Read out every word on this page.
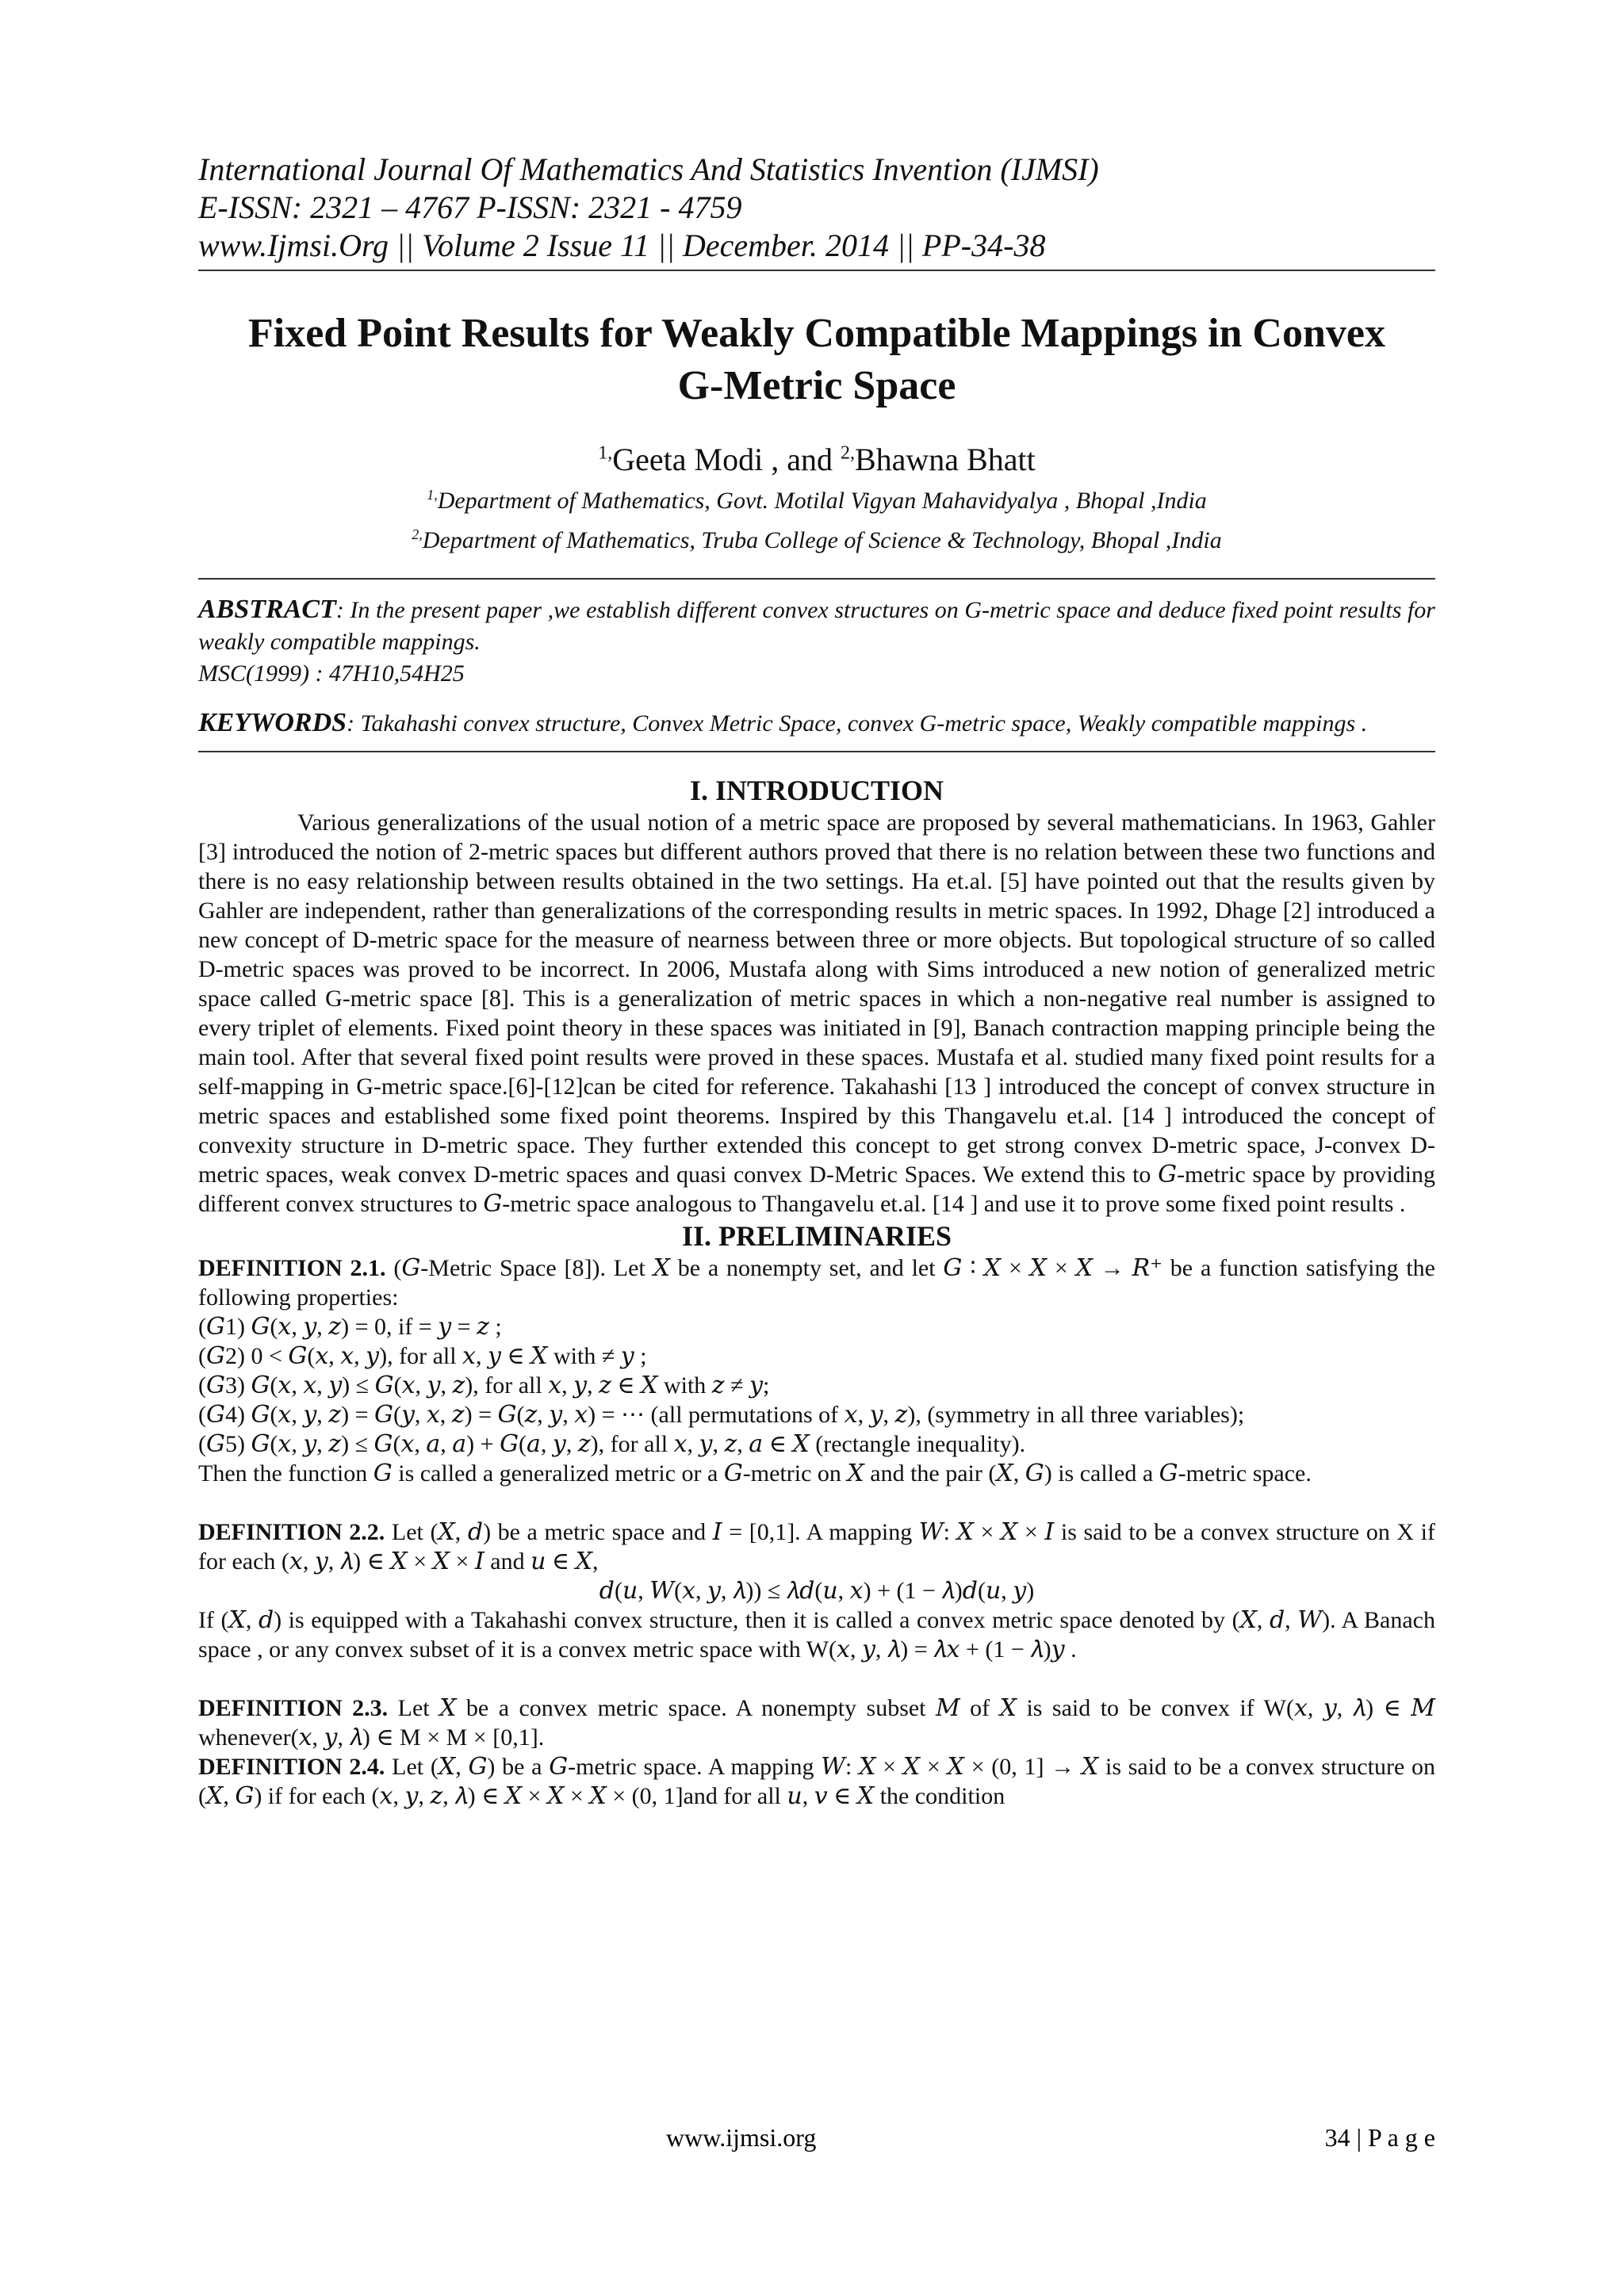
International Journal Of Mathematics And Statistics Invention (IJMSI)
E-ISSN: 2321 – 4767 P-ISSN: 2321 - 4759
www.Ijmsi.Org || Volume 2 Issue 11 || December. 2014 || PP-34-38
Fixed Point Results for Weakly Compatible Mappings in Convex
G-Metric Space
$^{1,}$Geeta Modi , and $^{2,}$Bhawna Bhatt
$^{1,}$Department of Mathematics, Govt. Motilal Vigyan Mahavidyalya , Bhopal ,India
$^{2,}$Department of Mathematics, Truba College of Science & Technology, Bhopal ,India
ABSTRACT: In the present paper ,we establish different convex structures on G-metric space and deduce fixed point results for weakly compatible mappings.
MSC(1999) : 47H10,54H25
KEYWORDS: Takahashi convex structure, Convex Metric Space, convex G-metric space, Weakly compatible mappings .
I. INTRODUCTION
Various generalizations of the usual notion of a metric space are proposed by several mathematicians. In 1963, Gahler [3] introduced the notion of 2-metric spaces but different authors proved that there is no relation between these two functions and there is no easy relationship between results obtained in the two settings. Ha et.al. [5] have pointed out that the results given by Gahler are independent, rather than generalizations of the corresponding results in metric spaces. In 1992, Dhage [2] introduced a new concept of D-metric space for the measure of nearness between three or more objects. But topological structure of so called D-metric spaces was proved to be incorrect. In 2006, Mustafa along with Sims introduced a new notion of generalized metric space called G-metric space [8]. This is a generalization of metric spaces in which a non-negative real number is assigned to every triplet of elements. Fixed point theory in these spaces was initiated in [9], Banach contraction mapping principle being the main tool. After that several fixed point results were proved in these spaces. Mustafa et al. studied many fixed point results for a self-mapping in G-metric space.[6]-[12]can be cited for reference. Takahashi [13 ] introduced the concept of convex structure in metric spaces and established some fixed point theorems. Inspired by this Thangavelu et.al. [14 ] introduced the concept of convexity structure in D-metric space. They further extended this concept to get strong convex D-metric space, J-convex D-metric spaces, weak convex D-metric spaces and quasi convex D-Metric Spaces. We extend this to 𝐺-metric space by providing different convex structures to 𝐺-metric space analogous to Thangavelu et.al. [14 ] and use it to prove some fixed point results .
II. PRELIMINARIES
DEFINITION 2.1. (𝐺-Metric Space [8]). Let 𝑋 be a nonempty set, and let 𝐺 ∶ 𝑋 × 𝑋 × 𝑋 → 𝑅⁺ be a function satisfying the following properties:
(𝐺1) 𝐺(𝑥, 𝑦, 𝑧) = 0, if = 𝑦 = 𝑧 ;
(𝐺2) 0 < 𝐺(𝑥, 𝑥, 𝑦), for all 𝑥, 𝑦 ∈ 𝑋 with ≠ 𝑦 ;
(𝐺3) 𝐺(𝑥, 𝑥, 𝑦) ≤ 𝐺(𝑥, 𝑦, 𝑧), for all 𝑥, 𝑦, 𝑧 ∈ 𝑋 with 𝑧 ≠ 𝑦;
(𝐺4) 𝐺(𝑥, 𝑦, 𝑧) = 𝐺(𝑦, 𝑥, 𝑧) = 𝐺(𝑧, 𝑦, 𝑥) = ⋯ (all permutations of 𝑥, 𝑦, 𝑧), (symmetry in all three variables);
(𝐺5) 𝐺(𝑥, 𝑦, 𝑧) ≤ 𝐺(𝑥, 𝑎, 𝑎) + 𝐺(𝑎, 𝑦, 𝑧), for all 𝑥, 𝑦, 𝑧, 𝑎 ∈ 𝑋 (rectangle inequality).
Then the function 𝐺 is called a generalized metric or a 𝐺-metric on 𝑋 and the pair (𝑋, 𝐺) is called a 𝐺-metric space.
DEFINITION 2.2. Let (𝑋, 𝑑) be a metric space and 𝐼 = [0,1]. A mapping 𝑊: 𝑋 × 𝑋 × 𝐼 is said to be a convex structure on X if for each (𝑥, 𝑦, 𝜆) ∈ 𝑋 × 𝑋 × 𝐼 and 𝑢 ∈ 𝑋,
𝑑(𝑢, 𝑊(𝑥, 𝑦, 𝜆)) ≤ 𝜆𝑑(𝑢, 𝑥) + (1 − 𝜆)𝑑(𝑢, 𝑦)
If (𝑋, 𝑑) is equipped with a Takahashi convex structure, then it is called a convex metric space denoted by (𝑋, 𝑑, 𝑊). A Banach space , or any convex subset of it is a convex metric space with W(𝑥, 𝑦, 𝜆) = 𝜆𝑥 + (1 − 𝜆)𝑦 .
DEFINITION 2.3. Let 𝑋 be a convex metric space. A nonempty subset 𝑀 of 𝑋 is said to be convex if W(𝑥, 𝑦, 𝜆) ∈ 𝑀 whenever(𝑥, 𝑦, 𝜆) ∈ M × M × [0,1].
DEFINITION 2.4. Let (𝑋, 𝐺) be a 𝐺-metric space. A mapping 𝑊: 𝑋 × 𝑋 × 𝑋 × (0, 1] → 𝑋 is said to be a convex structure on (𝑋, 𝐺) if for each (𝑥, 𝑦, 𝑧, 𝜆) ∈ 𝑋 × 𝑋 × 𝑋 × (0, 1]and for all 𝑢, 𝑣 ∈ 𝑋 the condition
www.ijmsi.org	34 | P a g e
